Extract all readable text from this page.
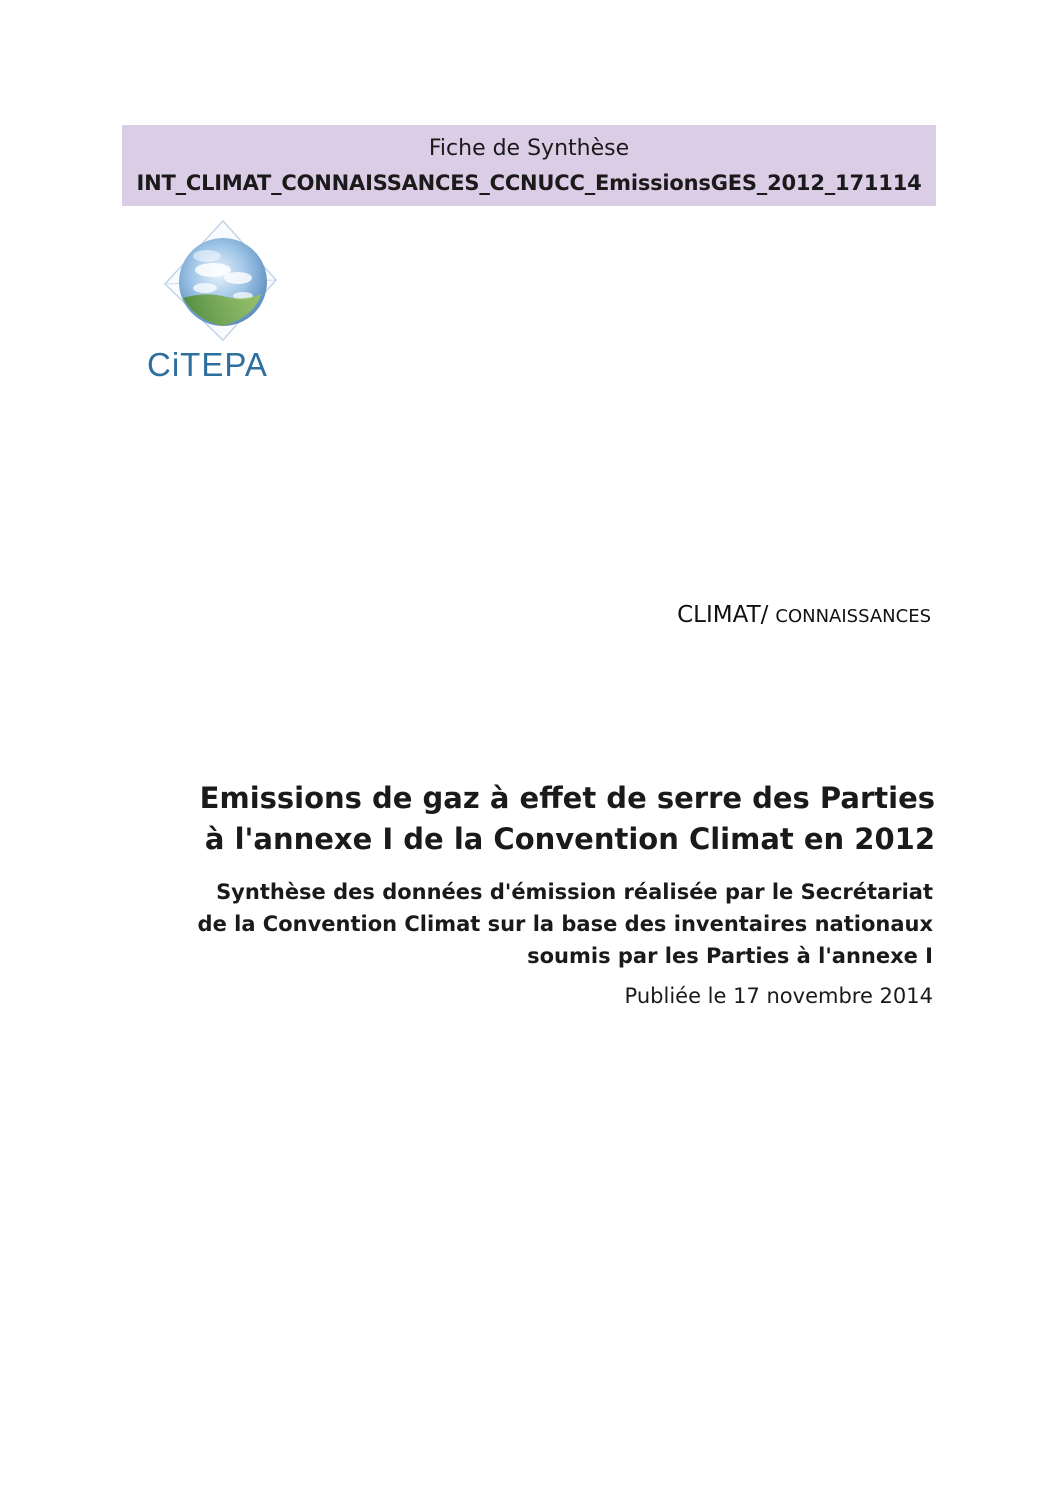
Fiche de Synthèse
INT_CLIMAT_CONNAISSANCES_CCNUCC_EmissionsGES_2012_171114
CiTEPA
CLIMAT/ CONNAISSANCES
Emissions de gaz à effet de serre des Parties
à l'annexe I de la Convention Climat en 2012
Synthèse des données d'émission réalisée par le Secrétariat
de la Convention Climat sur la base des inventaires nationaux
soumis par les Parties à l'annexe I
Publiée le 17 novembre 2014
